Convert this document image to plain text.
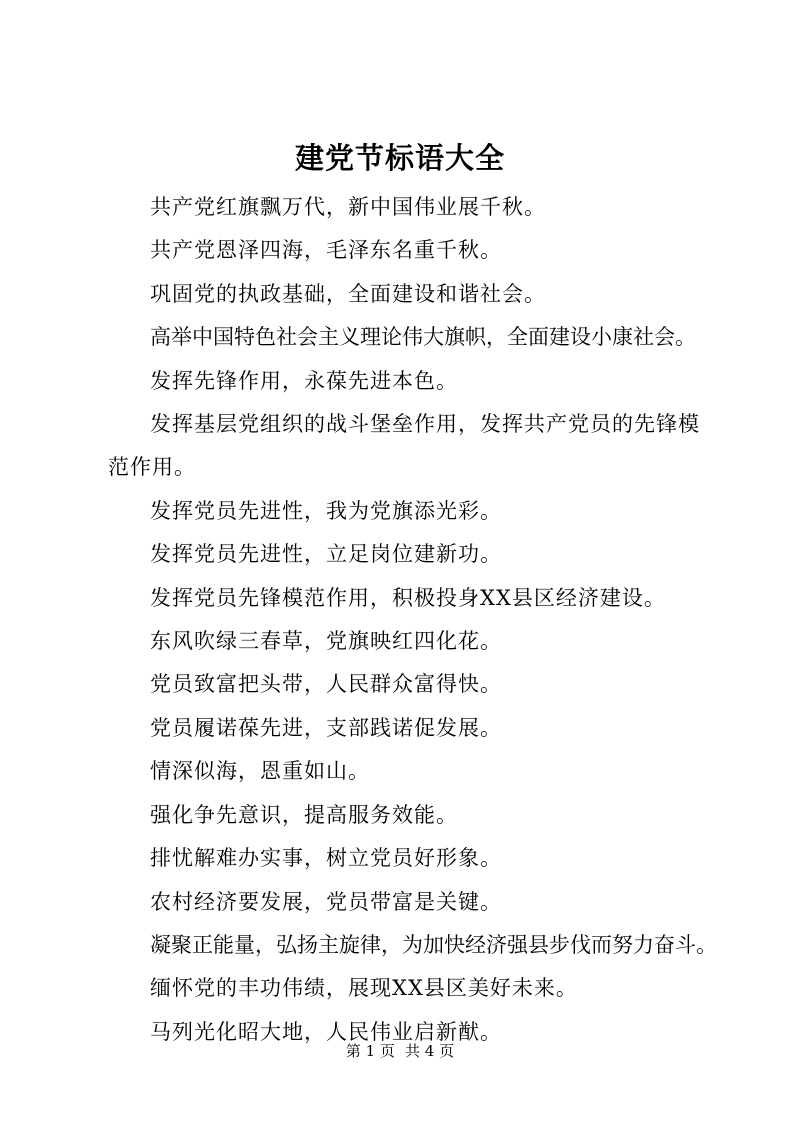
建党节标语大全
共产党红旗飘万代，新中国伟业展千秋。
共产党恩泽四海，毛泽东名重千秋。
巩固党的执政基础，全面建设和谐社会。
高举中国特色社会主义理论伟大旗帜，全面建设小康社会。
发挥先锋作用，永葆先进本色。
发挥基层党组织的战斗堡垒作用，发挥共产党员的先锋模范作用。
发挥党员先进性，我为党旗添光彩。
发挥党员先进性，立足岗位建新功。
发挥党员先锋模范作用，积极投身XX县区经济建设。
东风吹绿三春草，党旗映红四化花。
党员致富把头带，人民群众富得快。
党员履诺葆先进，支部践诺促发展。
情深似海，恩重如山。
强化争先意识，提高服务效能。
排忧解难办实事，树立党员好形象。
农村经济要发展，党员带富是关键。
凝聚正能量，弘扬主旋律，为加快经济强县步伐而努力奋斗。
缅怀党的丰功伟绩，展现XX县区美好未来。
马列光化昭大地，人民伟业启新猷。
第 1 页 共 4 页
